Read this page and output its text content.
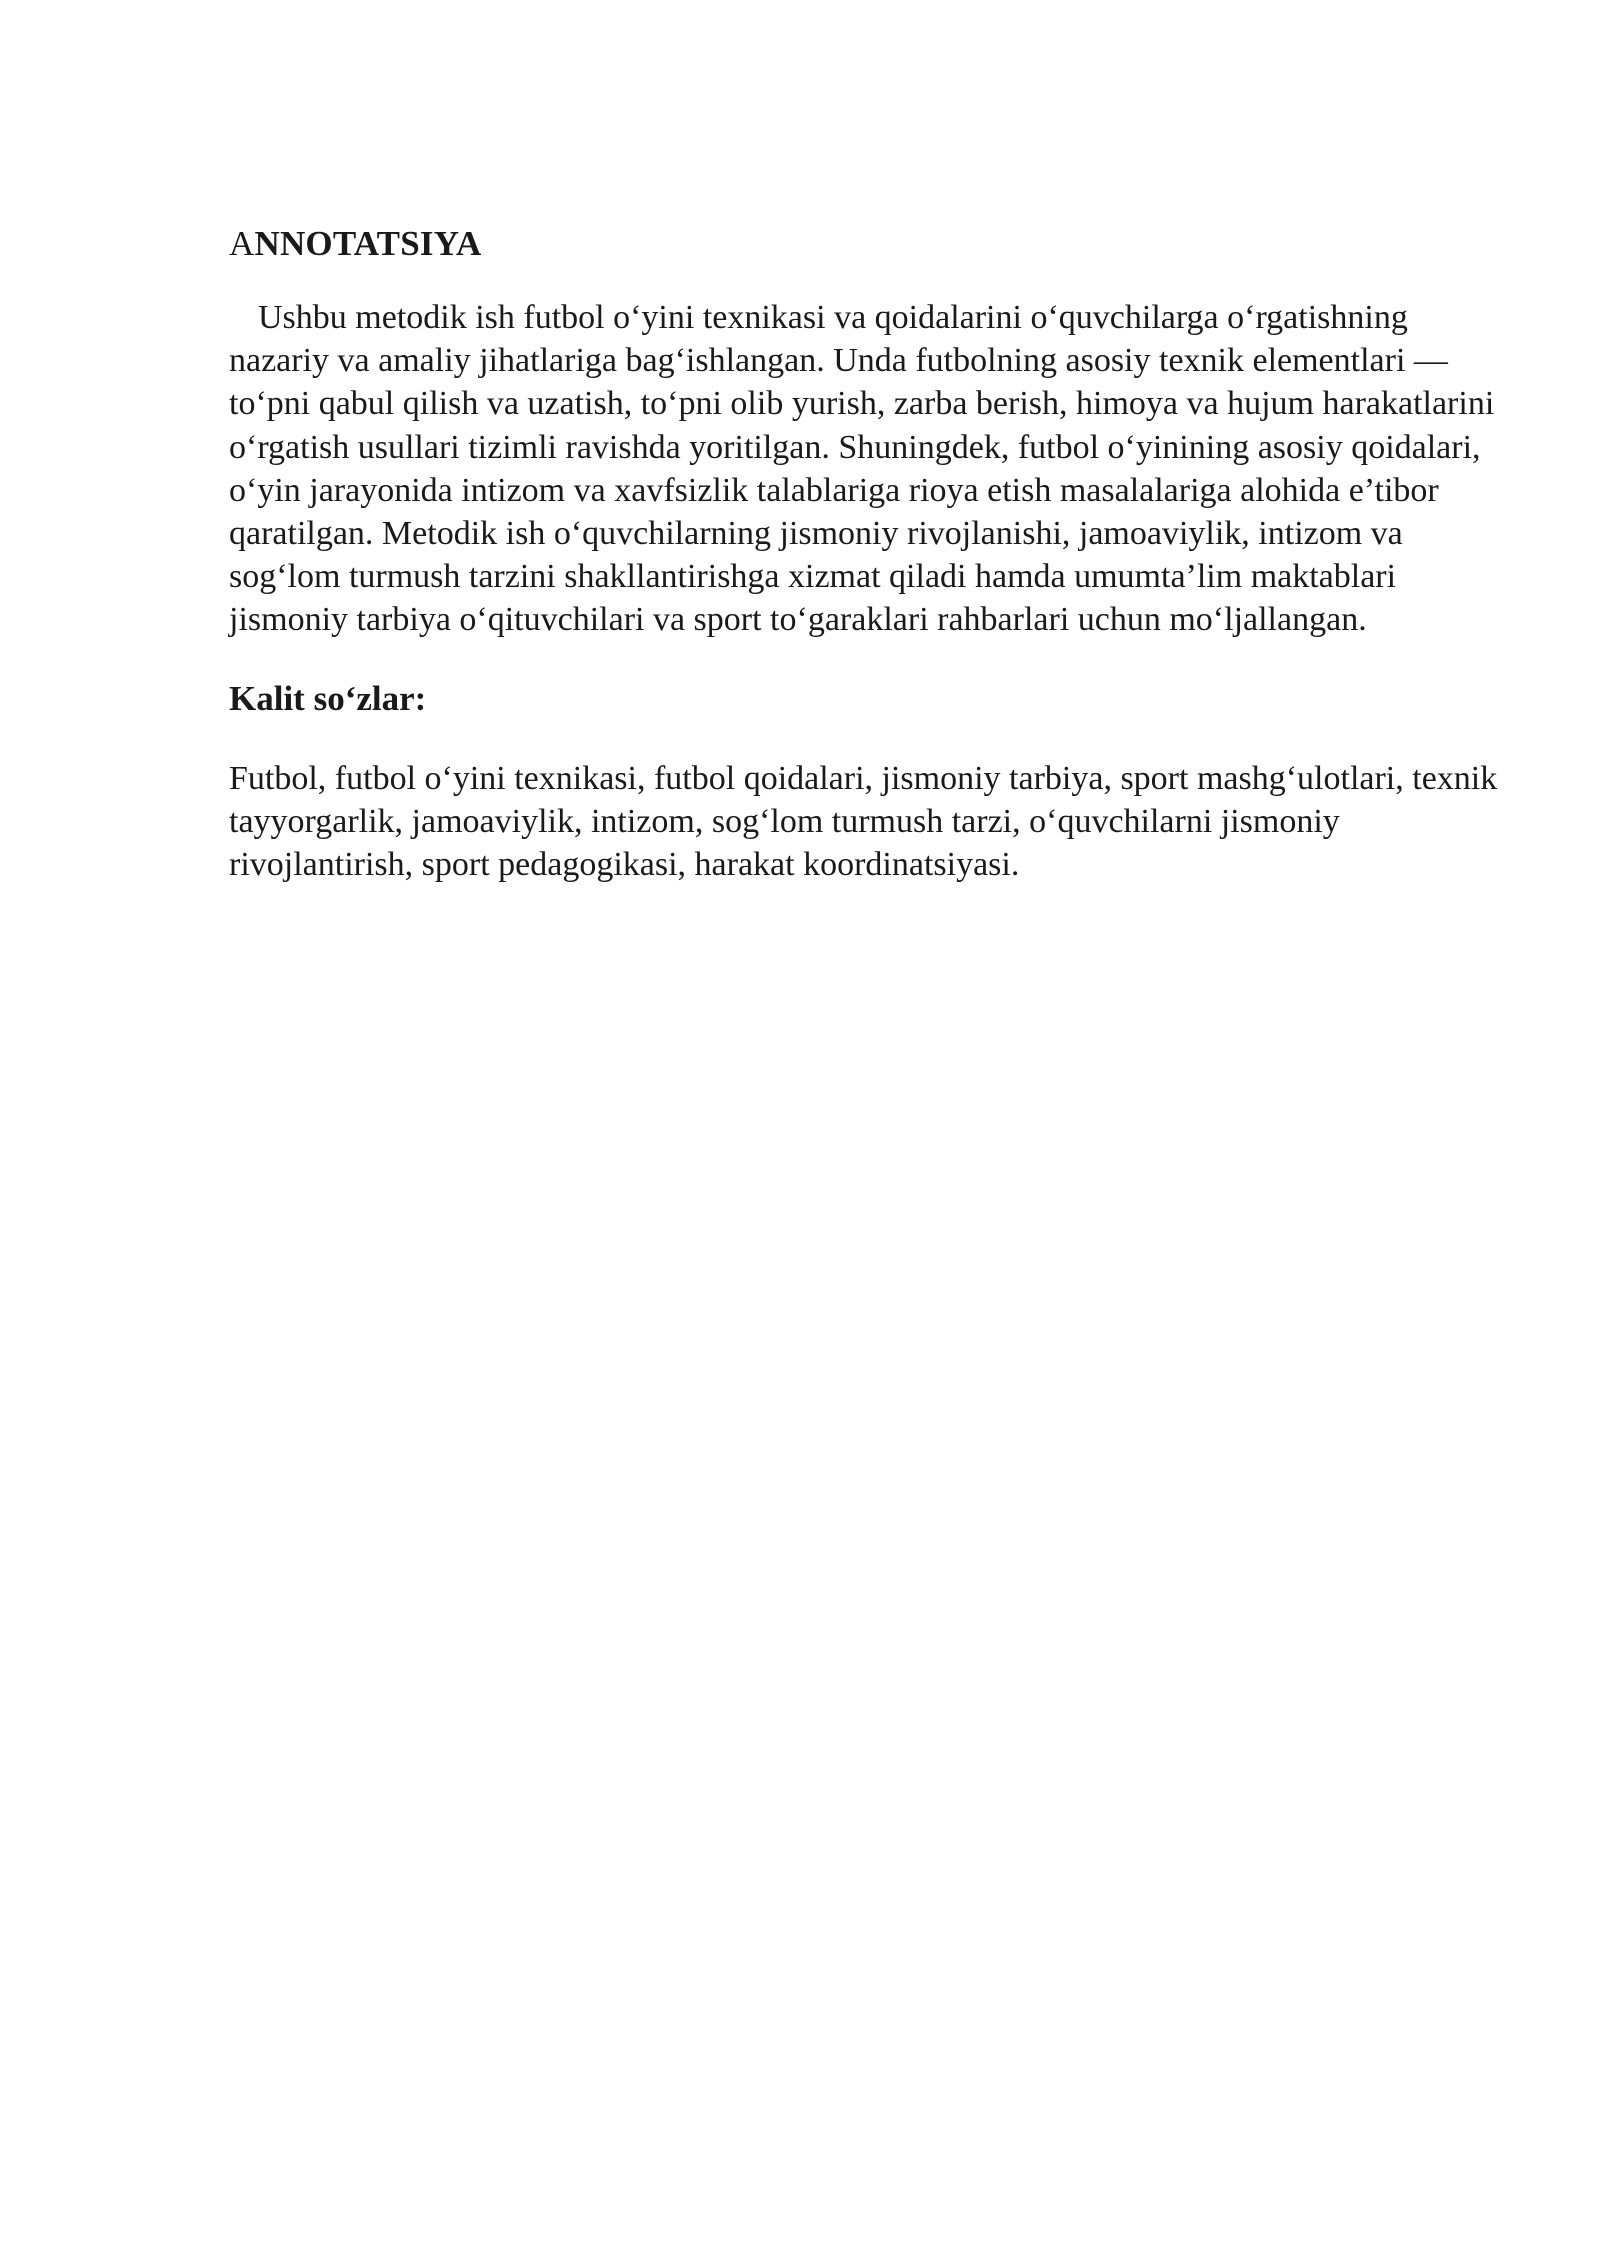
ANNOTATSIYA

Ushbu metodik ish futbol o‘yini texnikasi va qoidalarini o‘quvchilarga o‘rgatishning nazariy va amaliy jihatlariga bag‘ishlangan. Unda futbolning asosiy texnik elementlari — to‘pni qabul qilish va uzatish, to‘pni olib yurish, zarba berish, himoya va hujum harakatlarini o‘rgatish usullari tizimli ravishda yoritilgan. Shuningdek, futbol o‘yinining asosiy qoidalari, o‘yin jarayonida intizom va xavfsizlik talablariga rioya etish masalalariga alohida e’tibor qaratilgan. Metodik ish o‘quvchilarning jismoniy rivojlanishi, jamoaviylik, intizom va sog‘lom turmush tarzini shakllantirishga xizmat qiladi hamda umumta’lim maktablari jismoniy tarbiya o‘qituvchilari va sport to‘garaklari rahbarlari uchun mo‘ljallangan.

Kalit so‘zlar:

Futbol, futbol o‘yini texnikasi, futbol qoidalari, jismoniy tarbiya, sport mashg‘ulotlari, texnik tayyorgarlik, jamoaviylik, intizom, sog‘lom turmush tarzi, o‘quvchilarni jismoniy rivojlantirish, sport pedagogikasi, harakat koordinatsiyasi.
